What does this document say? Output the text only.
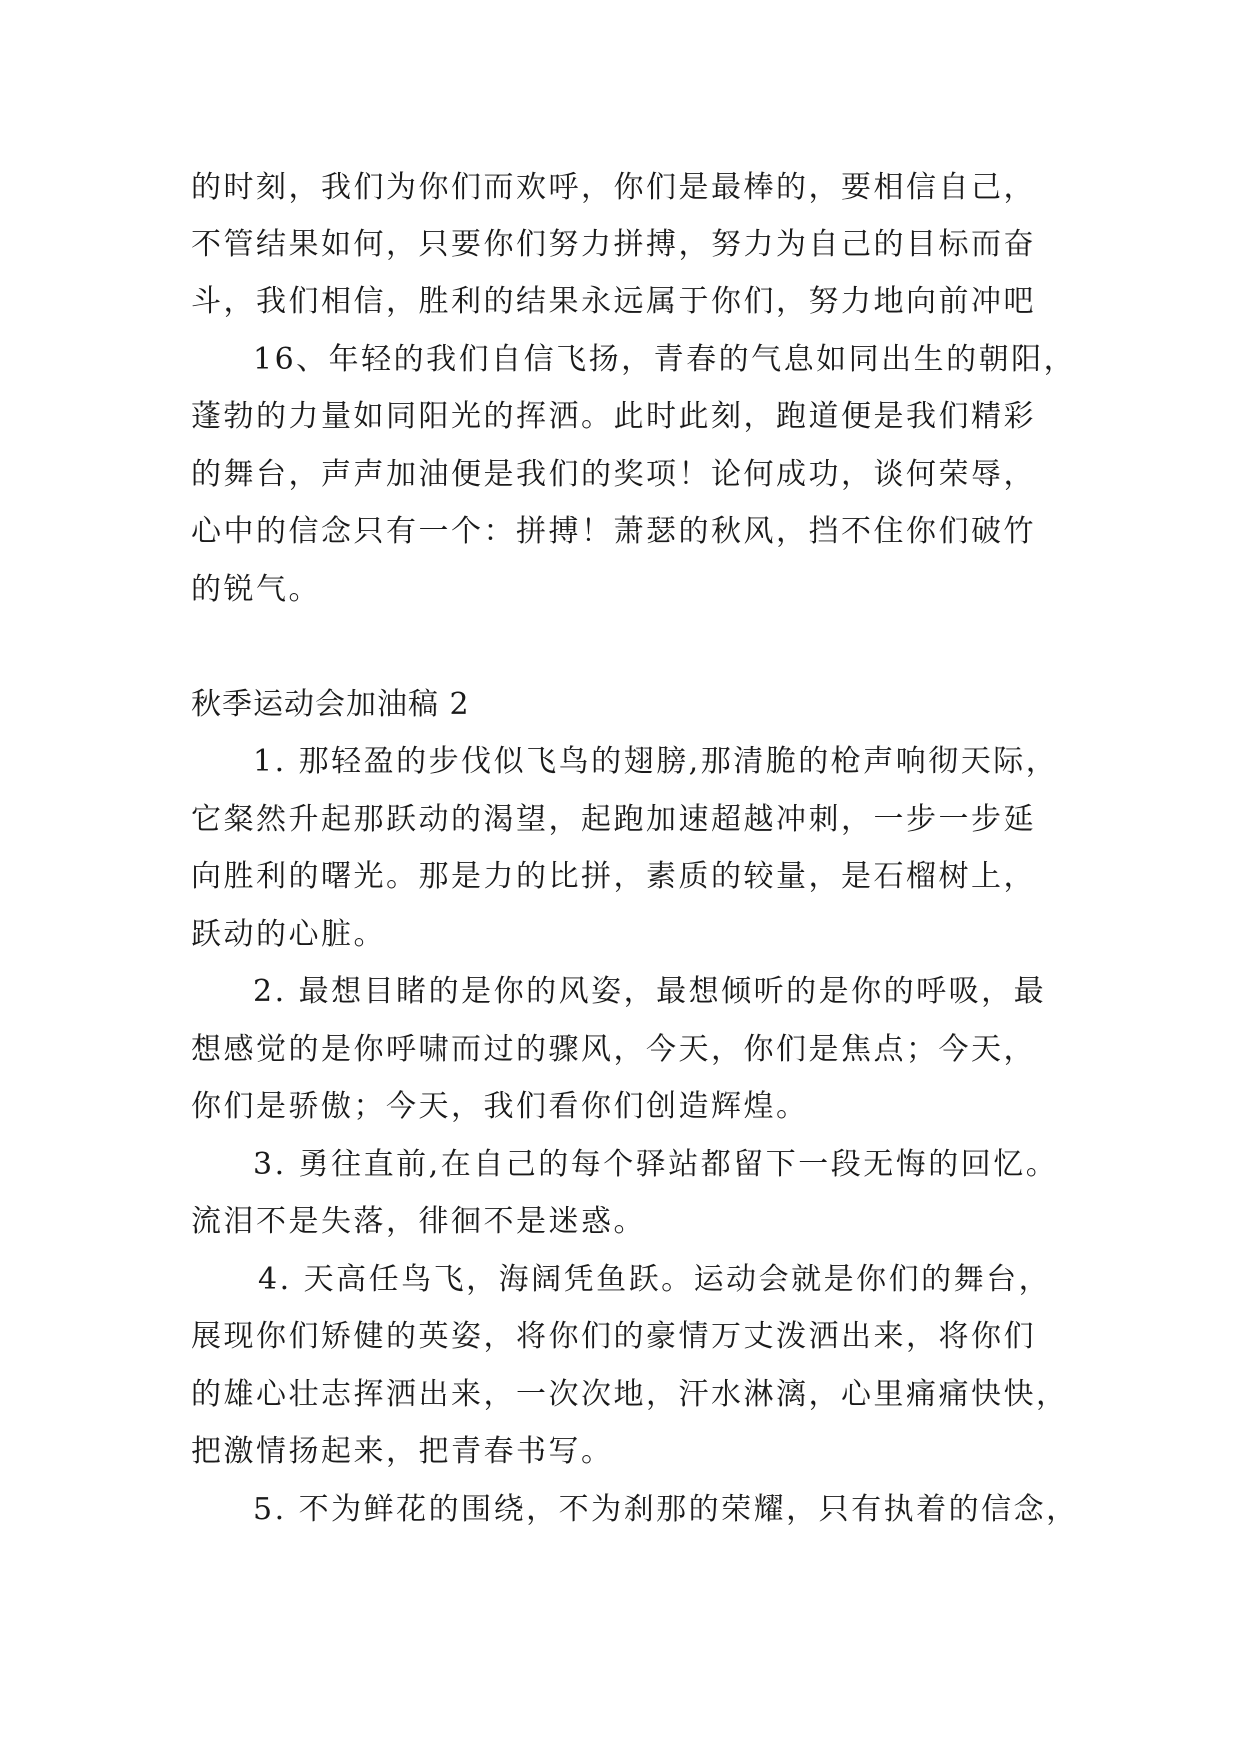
的时刻，我们为你们而欢呼，你们是最棒的，要相信自己，
不管结果如何，只要你们努力拼搏，努力为自己的目标而奋
斗，我们相信，胜利的结果永远属于你们，努力地向前冲吧
16、年轻的我们自信飞扬，青春的气息如同出生的朝阳，
蓬勃的力量如同阳光的挥洒。此时此刻，跑道便是我们精彩
的舞台，声声加油便是我们的奖项！论何成功，谈何荣辱，
心中的信念只有一个：拼搏！萧瑟的秋风，挡不住你们破竹
的锐气。
秋季运动会加油稿 2
1. 那轻盈的步伐似飞鸟的翅膀,那清脆的枪声响彻天际，
它粲然升起那跃动的渴望，起跑加速超越冲刺，一步一步延
向胜利的曙光。那是力的比拼，素质的较量，是石榴树上，
跃动的心脏。
2. 最想目睹的是你的风姿，最想倾听的是你的呼吸，最
想感觉的是你呼啸而过的骤风，今天，你们是焦点；今天，
你们是骄傲；今天，我们看你们创造辉煌。
3. 勇往直前,在自己的每个驿站都留下一段无悔的回忆。
流泪不是失落，徘徊不是迷惑。
4. 天高任鸟飞，海阔凭鱼跃。运动会就是你们的舞台，
展现你们矫健的英姿，将你们的豪情万丈泼洒出来，将你们
的雄心壮志挥洒出来，一次次地，汗水淋漓，心里痛痛快快，
把激情扬起来，把青春书写。
5. 不为鲜花的围绕，不为刹那的荣耀，只有执着的信念，
